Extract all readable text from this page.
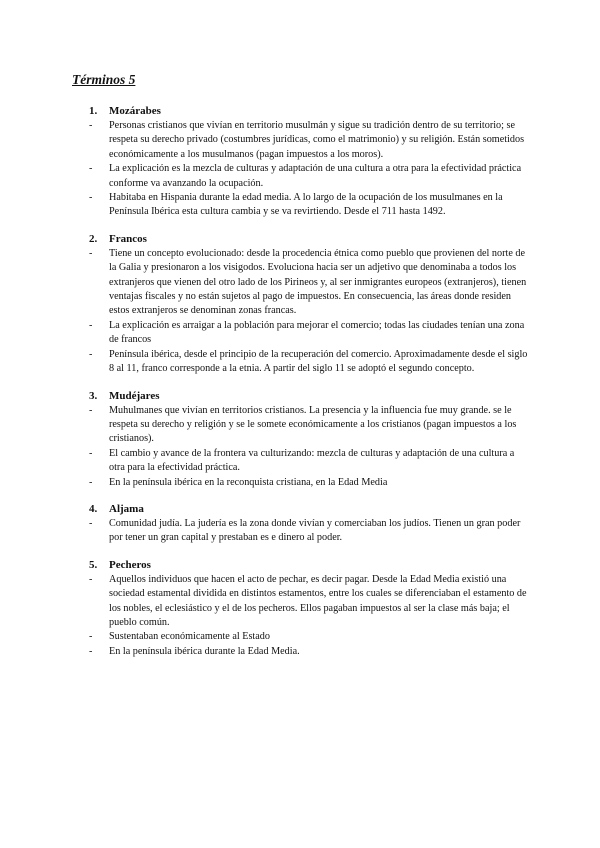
Términos 5
1. Mozárabes
- Personas cristianos que vivían en territorio musulmán y sigue su tradición dentro de su territorio; se respeta su derecho privado (costumbres jurídicas, como el matrimonio) y su religión. Están sometidos económicamente a los musulmanos (pagan impuestos a los moros).
- La explicación es la mezcla de culturas y adaptación de una cultura a otra para la efectividad práctica conforme va avanzando la ocupación.
- Habitaba en Hispania durante la edad media. A lo largo de la ocupación de los musulmanes en la Península Ibérica esta cultura cambia y se va revirtiendo. Desde el 711 hasta 1492.
2. Francos
- Tiene un concepto evolucionado: desde la procedencia étnica como pueblo que provienen del norte de la Galia y presionaron a los visigodos. Evoluciona hacia ser un adjetivo que denominaba a todos los extranjeros que vienen del otro lado de los Pirineos y, al ser inmigrantes europeos (extranjeros), tienen ventajas fiscales y no están sujetos al pago de impuestos. En consecuencia, las áreas donde residen estos extranjeros se denominan zonas francas.
- La explicación es arraigar a la población para mejorar el comercio; todas las ciudades tenían una zona de francos
- Península ibérica, desde el principio de la recuperación del comercio. Aproximadamente desde el siglo 8 al 11, franco corresponde a la etnia. A partir del siglo 11 se adoptó el segundo concepto.
3. Mudéjares
- Muhulmanes que vivían en territorios cristianos. La presencia y la influencia fue muy grande. se le respeta su derecho y religión y se le somete económicamente a los cristianos (pagan impuestos a los cristianos).
- El cambio y avance de la frontera va culturizando: mezcla de culturas y adaptación de una cultura a otra para la efectividad práctica.
- En la península ibérica en la reconquista cristiana, en la Edad Media
4. Aljama
- Comunidad judía. La judería es la zona donde vivían y comerciaban los judíos. Tienen un gran poder por tener un gran capital y prestaban es e dinero al poder.
5. Pecheros
- Aquellos individuos que hacen el acto de pechar, es decir pagar. Desde la Edad Media existió una sociedad estamental dividida en distintos estamentos, entre los cuales se diferenciaban el estamento de los nobles, el eclesiástico y el de los pecheros. Ellos pagaban impuestos al ser la clase más baja; el pueblo común.
- Sustentaban económicamente al Estado
- En la península ibérica durante la Edad Media.
